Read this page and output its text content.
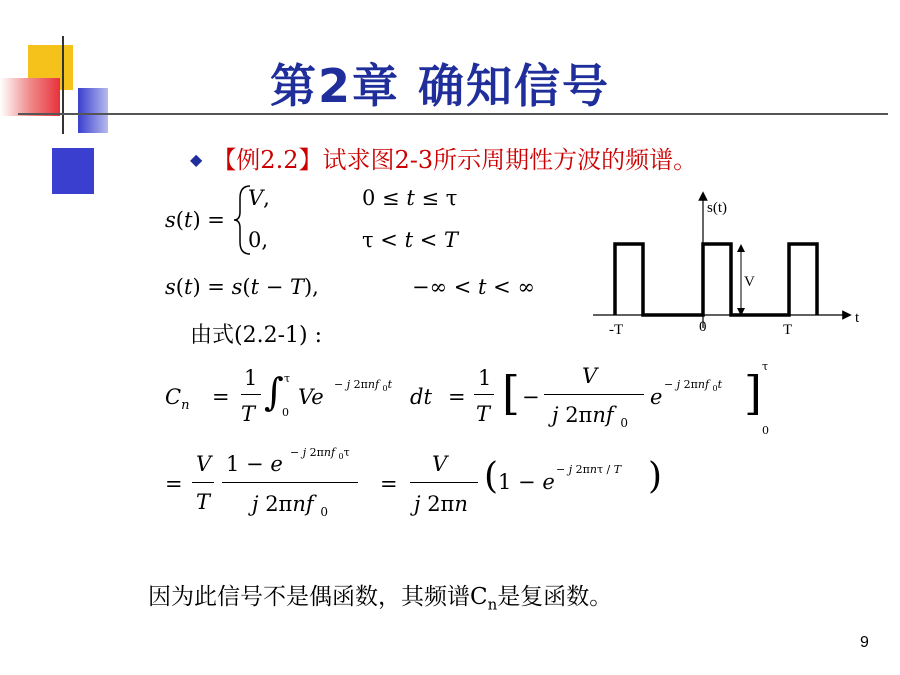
第2章 确知信号
◆ 【例2.2】试求图2-3所示周期性方波的频谱。
s(t) =
V,	0 ≤ t ≤ τ
0,	τ < t < T
s(t) = s(t − T),	−∞ < t < ∞
由式(2.2-1) :
s(t)
t
V
-T	0	T
$C_n$ =
1
T ∫ τ
0
Ve
− j 2πnf $_0$t
dt =
1
T [ −
V
j 2πnf $_0$
e
− j 2πnf $_0$t ] τ
0
=
V
T
1 − e − j 2πnf $_0$τ
j 2πnf $_0$
=
V
j 2πn
( 1 − e
− j 2πnτ / T )
因为此信号不是偶函数，其频谱$C_n$是复函数。
9
